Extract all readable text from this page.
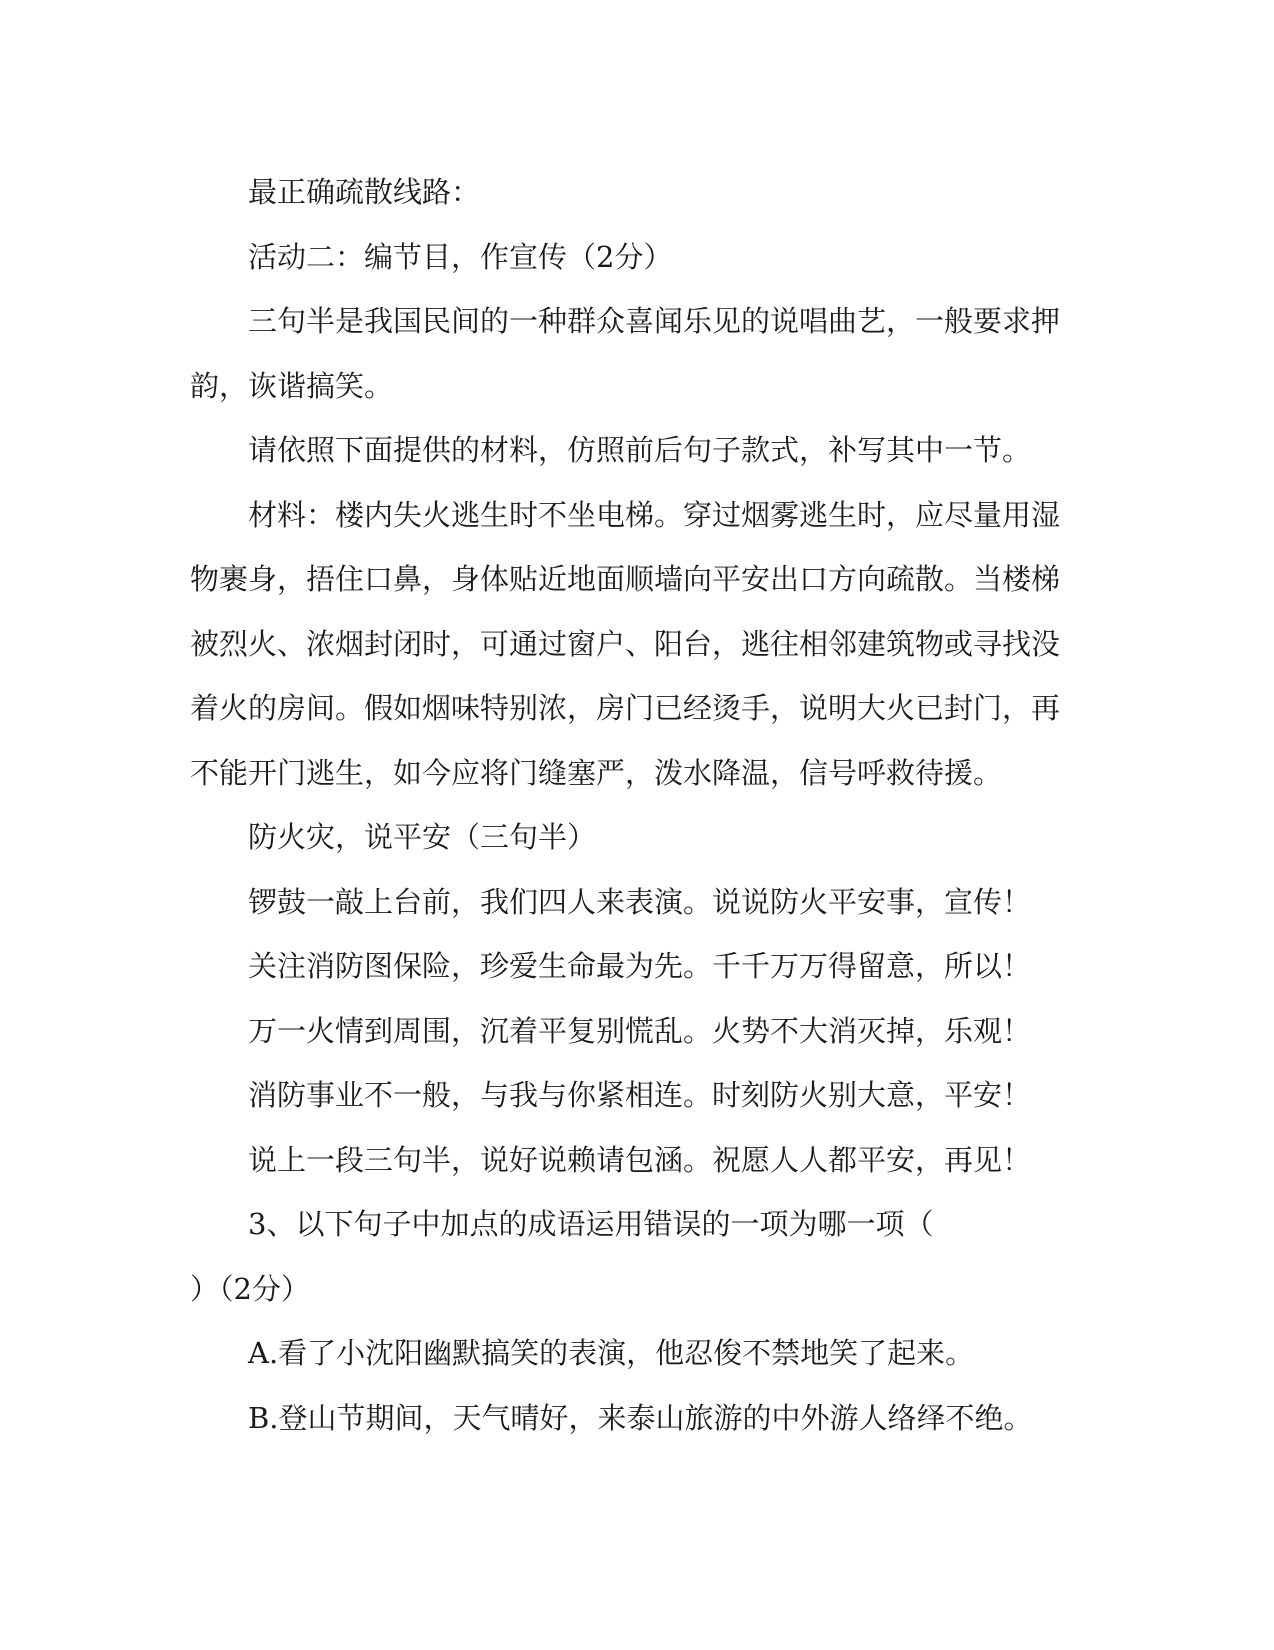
最正确疏散线路：

活动二：编节目，作宣传（2分）

三句半是我国民间的一种群众喜闻乐见的说唱曲艺，一般要求押
韵，诙谐搞笑。

请依照下面提供的材料，仿照前后句子款式，补写其中一节。

材料：楼内失火逃生时不坐电梯。穿过烟雾逃生时，应尽量用湿
物裹身，捂住口鼻，身体贴近地面顺墙向平安出口方向疏散。当楼梯
被烈火、浓烟封闭时，可通过窗户、阳台，逃往相邻建筑物或寻找没
着火的房间。假如烟味特别浓，房门已经烫手，说明大火已封门，再
不能开门逃生，如今应将门缝塞严，泼水降温，信号呼救待援。

防火灾，说平安（三句半）

锣鼓一敲上台前，我们四人来表演。说说防火平安事，宣传！

关注消防图保险，珍爱生命最为先。千千万万得留意，所以！

万一火情到周围，沉着平复别慌乱。火势不大消灭掉，乐观！

消防事业不一般，与我与你紧相连。时刻防火别大意，平安！

说上一段三句半，说好说赖请包涵。祝愿人人都平安，再见！

3、以下句子中加点的成语运用错误的一项为哪一项（
）（2分）

A.看了小沈阳幽默搞笑的表演，他忍俊不禁地笑了起来。

B.登山节期间，天气晴好，来泰山旅游的中外游人络绎不绝。
